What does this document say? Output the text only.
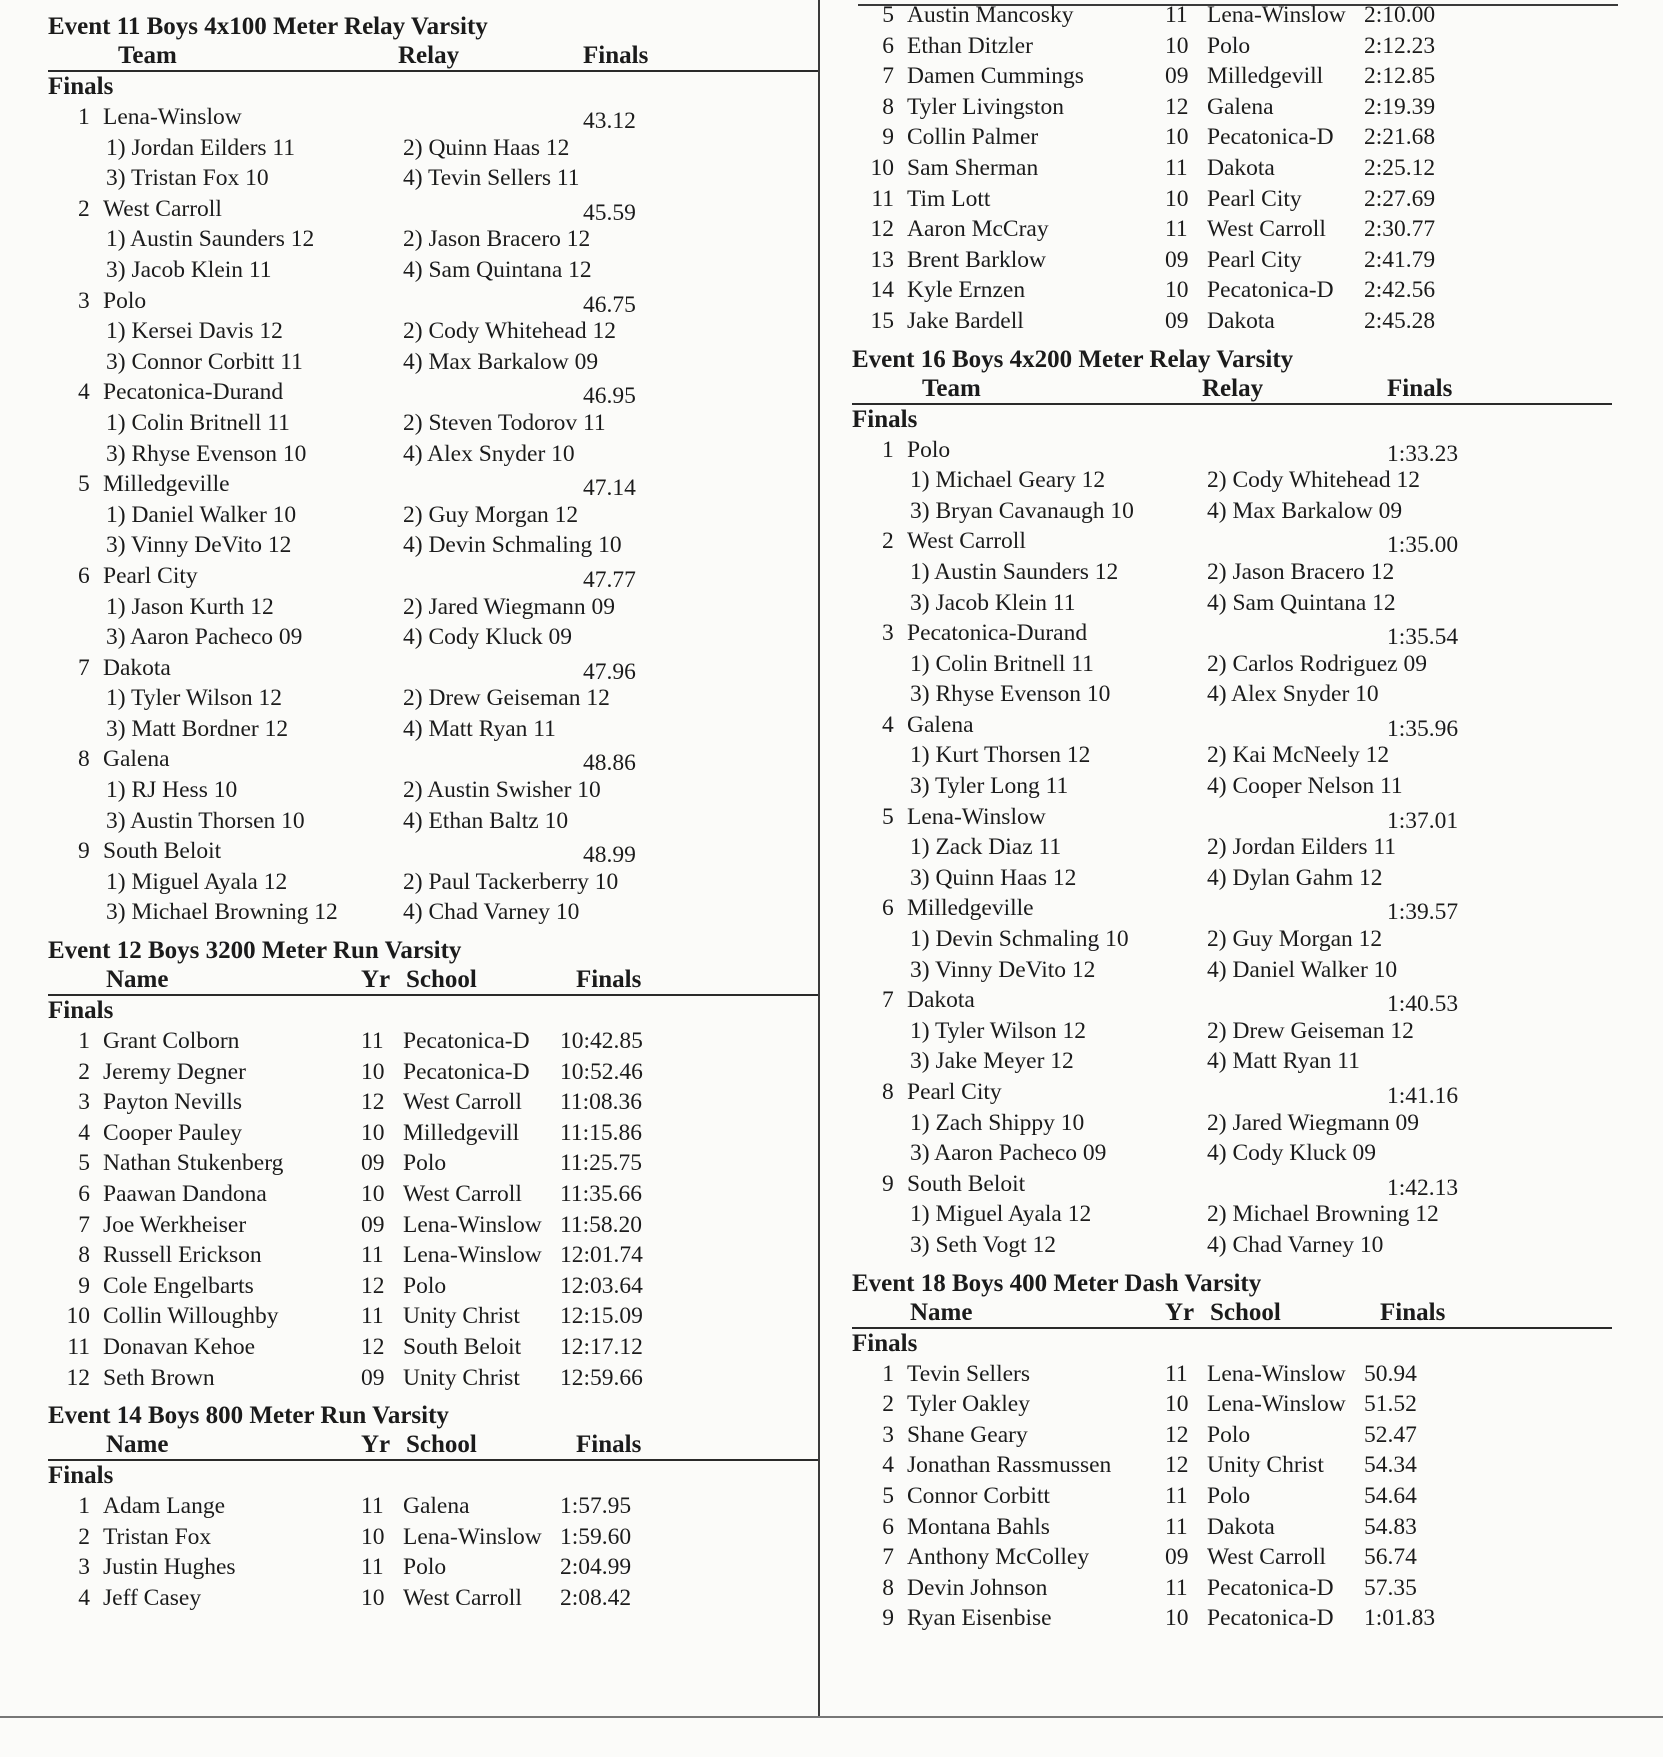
Event 11 Boys 4x100 Meter Relay Varsity
Team	Relay	Finals
Finals
1 Lena-Winslow	43.12
1) Jordan Eilders 11	2) Quinn Haas 12
3) Tristan Fox 10	4) Tevin Sellers 11
2 West Carroll	45.59
1) Austin Saunders 12	2) Jason Bracero 12
3) Jacob Klein 11	4) Sam Quintana 12
3 Polo	46.75
1) Kersei Davis 12	2) Cody Whitehead 12
3) Connor Corbitt 11	4) Max Barkalow 09
4 Pecatonica-Durand	46.95
1) Colin Britnell 11	2) Steven Todorov 11
3) Rhyse Evenson 10	4) Alex Snyder 10
5 Milledgeville	47.14
1) Daniel Walker 10	2) Guy Morgan 12
3) Vinny DeVito 12	4) Devin Schmaling 10
6 Pearl City	47.77
1) Jason Kurth 12	2) Jared Wiegmann 09
3) Aaron Pacheco 09	4) Cody Kluck 09
7 Dakota	47.96
1) Tyler Wilson 12	2) Drew Geiseman 12
3) Matt Bordner 12	4) Matt Ryan 11
8 Galena	48.86
1) RJ Hess 10	2) Austin Swisher 10
3) Austin Thorsen 10	4) Ethan Baltz 10
9 South Beloit	48.99
1) Miguel Ayala 12	2) Paul Tackerberry 10
3) Michael Browning 12	4) Chad Varney 10
Event 12 Boys 3200 Meter Run Varsity
Name	Yr School	Finals
Finals
1 Grant Colborn	11 Pecatonica-D 10:42.85
2 Jeremy Degner	10 Pecatonica-D 10:52.46
3 Payton Nevills	12 West Carroll 11:08.36
4 Cooper Pauley	10 Milledgevill 11:15.86
5 Nathan Stukenberg	09 Polo	11:25.75
6 Paawan Dandona	10 West Carroll 11:35.66
7 Joe Werkheiser	09 Lena-Winslow 11:58.20
8 Russell Erickson	11 Lena-Winslow 12:01.74
9 Cole Engelbarts	12 Polo	12:03.64
10 Collin Willoughby	11 Unity Christ 12:15.09
11 Donavan Kehoe	12 South Beloit 12:17.12
12 Seth Brown	09 Unity Christ 12:59.66
Event 14 Boys 800 Meter Run Varsity
Name	Yr School	Finals
Finals
1 Adam Lange	11 Galena	1:57.95
2 Tristan Fox	10 Lena-Winslow 1:59.60
3 Justin Hughes	11 Polo	2:04.99
4 Jeff Casey	10 West Carroll 2:08.42
5 Austin Mancosky	11 Lena-Winslow 2:10.00
6 Ethan Ditzler	10 Polo	2:12.23
7 Damen Cummings	09 Milledgevill 2:12.85
8 Tyler Livingston	12 Galena	2:19.39
9 Collin Palmer	10 Pecatonica-D 2:21.68
10 Sam Sherman	11 Dakota	2:25.12
11 Tim Lott	10 Pearl City	2:27.69
12 Aaron McCray	11 West Carroll 2:30.77
13 Brent Barklow	09 Pearl City	2:41.79
14 Kyle Ernzen	10 Pecatonica-D 2:42.56
15 Jake Bardell	09 Dakota	2:45.28
Event 16 Boys 4x200 Meter Relay Varsity
Team	Relay	Finals
Finals
1 Polo	1:33.23
1) Michael Geary 12	2) Cody Whitehead 12
3) Bryan Cavanaugh 10	4) Max Barkalow 09
2 West Carroll	1:35.00
1) Austin Saunders 12	2) Jason Bracero 12
3) Jacob Klein 11	4) Sam Quintana 12
3 Pecatonica-Durand	1:35.54
1) Colin Britnell 11	2) Carlos Rodriguez 09
3) Rhyse Evenson 10	4) Alex Snyder 10
4 Galena	1:35.96
1) Kurt Thorsen 12	2) Kai McNeely 12
3) Tyler Long 11	4) Cooper Nelson 11
5 Lena-Winslow	1:37.01
1) Zack Diaz 11	2) Jordan Eilders 11
3) Quinn Haas 12	4) Dylan Gahm 12
6 Milledgeville	1:39.57
1) Devin Schmaling 10	2) Guy Morgan 12
3) Vinny DeVito 12	4) Daniel Walker 10
7 Dakota	1:40.53
1) Tyler Wilson 12	2) Drew Geiseman 12
3) Jake Meyer 12	4) Matt Ryan 11
8 Pearl City	1:41.16
1) Zach Shippy 10	2) Jared Wiegmann 09
3) Aaron Pacheco 09	4) Cody Kluck 09
9 South Beloit	1:42.13
1) Miguel Ayala 12	2) Michael Browning 12
3) Seth Vogt 12	4) Chad Varney 10
Event 18 Boys 400 Meter Dash Varsity
Name	Yr School	Finals
Finals
1 Tevin Sellers	11 Lena-Winslow 50.94
2 Tyler Oakley	10 Lena-Winslow 51.52
3 Shane Geary	12 Polo	52.47
4 Jonathan Rassmussen 12 Unity Christ 54.34
5 Connor Corbitt	11 Polo	54.64
6 Montana Bahls	11 Dakota	54.83
7 Anthony McColley	09 West Carroll 56.74
8 Devin Johnson	11 Pecatonica-D 57.35
9 Ryan Eisenbise	10 Pecatonica-D 1:01.83
